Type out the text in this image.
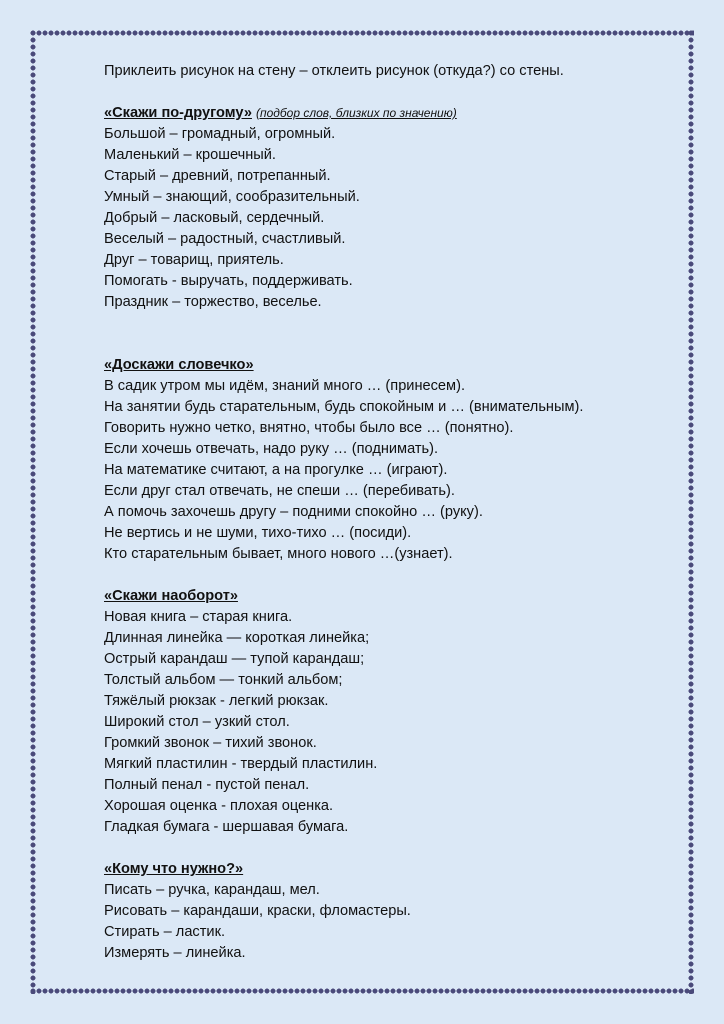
Приклеить рисунок на стену – отклеить рисунок (откуда?) со стены.
«Скажи по-другому» (подбор слов, близких по значению)
Большой – громадный, огромный.
Маленький – крошечный.
Старый – древний, потрепанный.
Умный – знающий, сообразительный.
Добрый – ласковый, сердечный.
Веселый – радостный, счастливый.
Друг – товарищ, приятель.
Помогать - выручать, поддерживать.
Праздник – торжество, веселье.
«Доскажи словечко»
В садик утром мы идём, знаний много … (принесем).
На занятии будь старательным, будь спокойным и … (внимательным).
Говорить нужно четко, внятно, чтобы было все … (понятно).
Если хочешь отвечать, надо руку … (поднимать).
На математике считают, а на прогулке … (играют).
Если друг стал отвечать, не спеши … (перебивать).
А помочь захочешь другу – подними спокойно … (руку).
Не вертись и не шуми, тихо-тихо … (посиди).
Кто старательным бывает, много нового …(узнает).
«Скажи наоборот»
Новая книга – старая книга.
Длинная линейка — короткая линейка;
Острый карандаш — тупой карандаш;
Толстый альбом — тонкий альбом;
Тяжёлый рюкзак - легкий рюкзак.
Широкий стол – узкий стол.
Громкий звонок – тихий звонок.
Мягкий пластилин - твердый пластилин.
Полный пенал - пустой пенал.
Хорошая оценка - плохая оценка.
Гладкая бумага - шершавая бумага.
«Кому что нужно?»
Писать – ручка, карандаш, мел.
Рисовать – карандаши, краски, фломастеры.
Стирать – ластик.
Измерять – линейка.
